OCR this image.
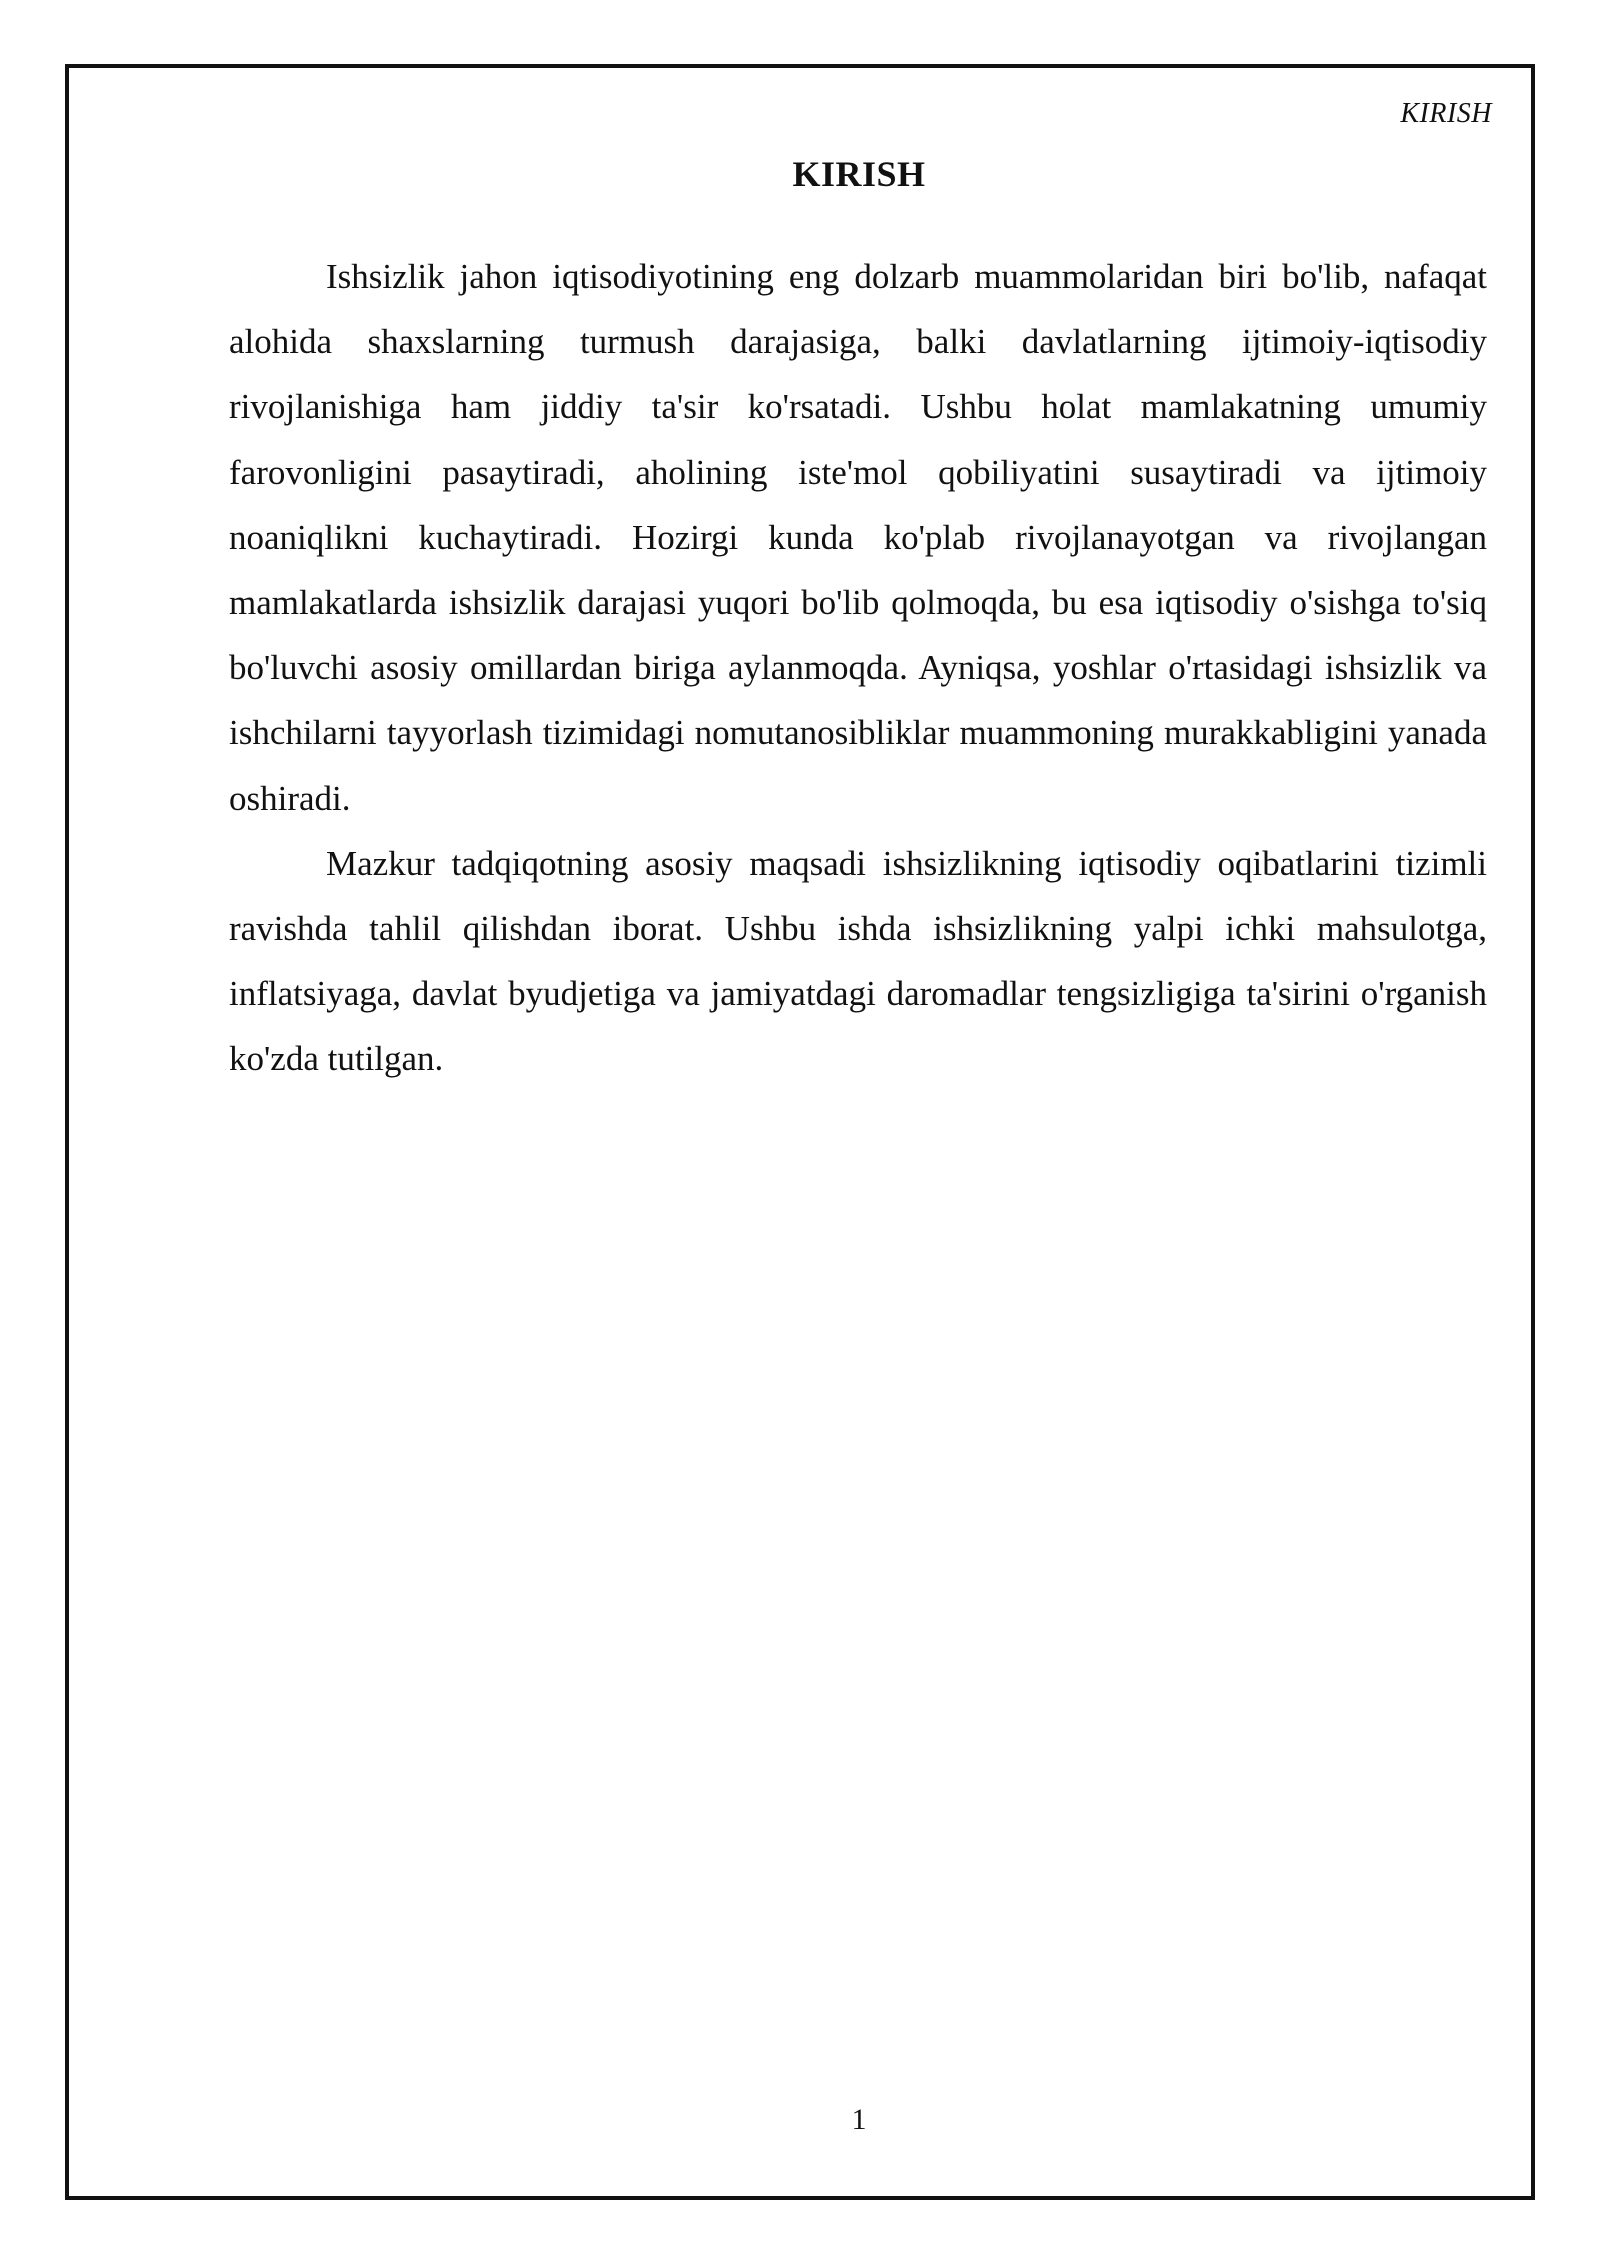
KIRISH
KIRISH

Ishsizlik jahon iqtisodiyotining eng dolzarb muammolaridan biri bo'lib, nafaqat alohida shaxslarning turmush darajasiga, balki davlatlarning ijtimoiy-iqtisodiy rivojlanishiga ham jiddiy ta'sir ko'rsatadi. Ushbu holat mamlakatning umumiy farovonligini pasaytiradi, aholining iste'mol qobiliyatini susaytiradi va ijtimoiy noaniqlikni kuchaytiradi. Hozirgi kunda ko'plab rivojlanayotgan va rivojlangan mamlakatlarda ishsizlik darajasi yuqori bo'lib qolmoqda, bu esa iqtisodiy o'sishga to'siq bo'luvchi asosiy omillardan biriga aylanmoqda. Ayniqsa, yoshlar o'rtasidagi ishsizlik va ishchilarni tayyorlash tizimidagi nomutanosibliklar muammoning murakkabligini yanada oshiradi.

Mazkur tadqiqotning asosiy maqsadi ishsizlikning iqtisodiy oqibatlarini tizimli ravishda tahlil qilishdan iborat. Ushbu ishda ishsizlikning yalpi ichki mahsulotga, inflatsiyaga, davlat byudjetiga va jamiyatdagi daromadlar tengsizligiga ta'sirini o'rganish ko'zda tutilgan.

1
